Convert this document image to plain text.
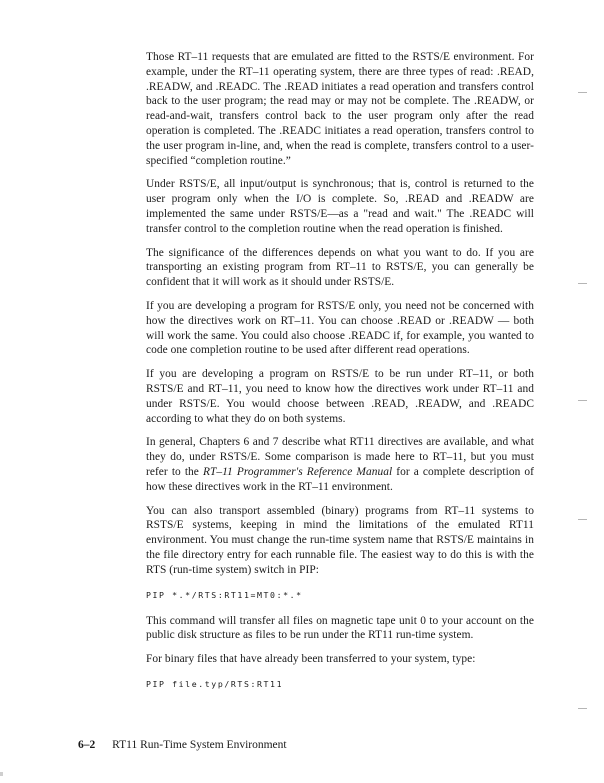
Those RT–11 requests that are emulated are fitted to the RSTS/E environment. For example, under the RT–11 operating system, there are three types of read: .READ, .READW, and .READC. The .READ initiates a read operation and transfers control back to the user program; the read may or may not be complete. The .READW, or read-and-wait, transfers control back to the user program only after the read operation is completed. The .READC initiates a read operation, transfers control to the user program in-line, and, when the read is complete, transfers control to a user-specified “completion routine.”

Under RSTS/E, all input/output is synchronous; that is, control is returned to the user program only when the I/O is complete. So, .READ and .READW are implemented the same under RSTS/E—as a "read and wait." The .READC will transfer control to the completion routine when the read operation is finished.

The significance of the differences depends on what you want to do. If you are transporting an existing program from RT–11 to RSTS/E, you can generally be confident that it will work as it should under RSTS/E.

If you are developing a program for RSTS/E only, you need not be concerned with how the directives work on RT–11. You can choose .READ or .READW — both will work the same. You could also choose .READC if, for example, you wanted to code one completion routine to be used after different read operations.

If you are developing a program on RSTS/E to be run under RT–11, or both RSTS/E and RT–11, you need to know how the directives work under RT–11 and under RSTS/E. You would choose between .READ, .READW, and .READC according to what they do on both systems.

In general, Chapters 6 and 7 describe what RT11 directives are available, and what they do, under RSTS/E. Some comparison is made here to RT–11, but you must refer to the RT–11 Programmer's Reference Manual for a complete description of how these directives work in the RT–11 environment.

You can also transport assembled (binary) programs from RT–11 systems to RSTS/E systems, keeping in mind the limitations of the emulated RT11 environment. You must change the run-time system name that RSTS/E maintains in the file directory entry for each runnable file. The easiest way to do this is with the RTS (run-time system) switch in PIP:

PIP *.*/RTS:RT11=MT0:*.*

This command will transfer all files on magnetic tape unit 0 to your account on the public disk structure as files to be run under the RT11 run-time system.

For binary files that have already been transferred to your system, type:

PIP file.typ/RTS:RT11
6–2 RT11 Run-Time System Environment
